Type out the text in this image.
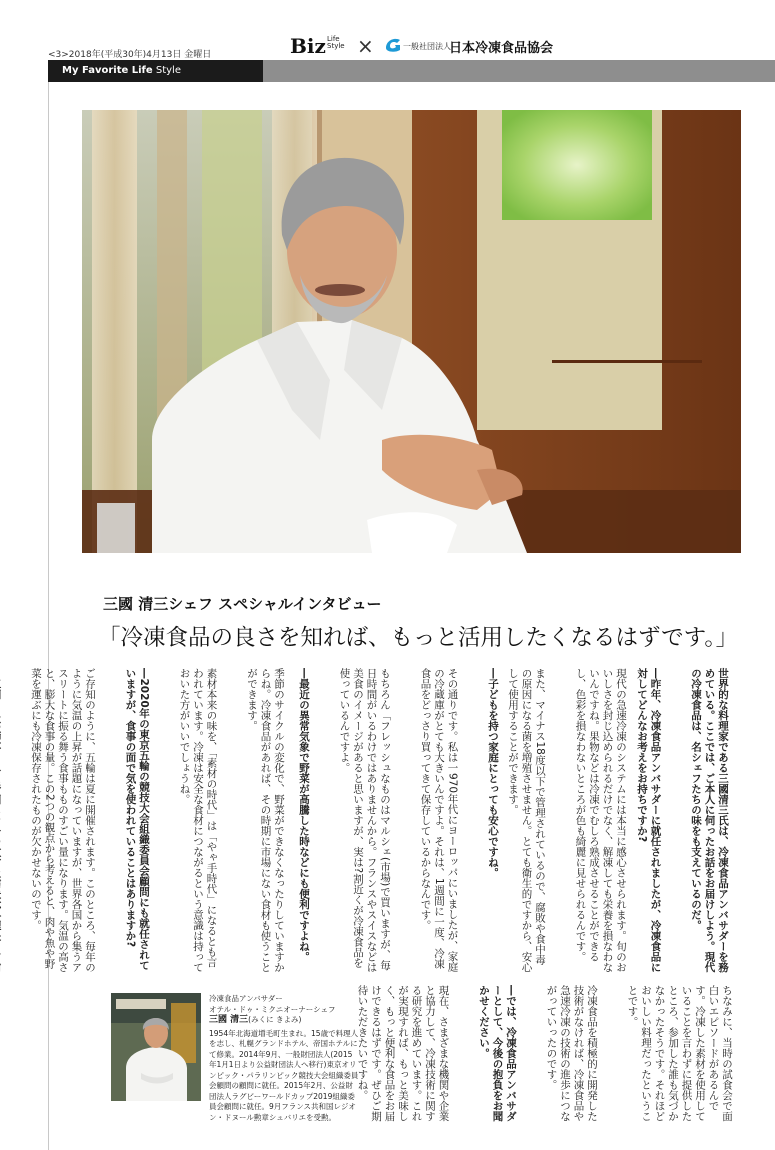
<3>2018年(平成30年)4月13日 金曜日	Biz Life
Style ×	一般社団法人
日本冷凍食品協会
My Favorite Life Style
三國 清三シェフ スペシャルインタビュー
「冷凍食品の良さを知れば、もっと活用したくなるはずです。」

世界的な料理家である三國清三氏は、冷凍食品アンバサダーを務めている。ここでは、ご本人に伺ったお話をお届けしよう。現代の冷凍食品は、名シェフたちの味をも支えているのだ。

―昨年、冷凍食品アンバサダーに就任されましたが、冷凍食品に対してどんなお考えをお持ちですか?

現代の急速冷凍のシステムには本当に感心させられます。旬のおいしさを封じ込められるだけでなく、解凍しても栄養を損なわないんですね。果物などは冷凍でむしろ熟成させることができるし、色彩を損なわないところが色も綺麗に見せられるんです。

また、マイナス18度以下で管理されているので、腐敗や食中毒の原因になる菌を増殖させません。とても衛生的ですから、安心して使用することができます。

―子どもを持つ家庭にとっても安心ですね。

その通りです。私は一970年代にヨーロッパにいましたが、家庭の冷蔵庫がとても大きいんですよ。それは、1週間に一度、冷凍食品をどっさり買ってきて保存しているからなんです。

もちろん「フレッシュなものはマルシェ(市場)で買いますが、毎日時間がいるわけではありませんから。フランスやスイスなどは美食のイメージがあると思いますが、実は?割近くが冷凍食品を使っているんですよ。

―最近の異常気象で野菜が高騰した時などにも便利ですよね。

季節のサイクルの変化で、野菜ができなくなったりしていますからね。冷凍食品があれば、その時期に市場にない食材も使うことができます。

素材本来の味を、「素材の時代」は「やゃ手時代」になるとも言われています。冷凍は安全な食材につながるという意識は持っておいた方がいいでしょうね。

―2020年の東京五輪の競技大会組織委員会顧問にも就任されていますが、食事の面で気を使われていることはありますか?

ご存知のように、五輪は夏に開催されます。このところ、毎年のように気温の上昇が話題になっていますが、世界各国から集うアスリートに振る舞う食事もものすごい量になります。気温の高さと、膨大な食事の量。この2つの観点から考えると、肉や魚や野菜を運ぶにも冷凍保存されたものが欠かせないのです。

ちなみに、当時の試食会で面白いエピソードがあるんです。冷凍した素材を使用していることを言わずに提供したところ、参加した誰も気づかなかったそうです。それほどおいしい料理だったということです。

冷凍食品を積極的に開発した技術がなければ、冷凍食品や急速冷凍の技術の進歩につながっていったのです。

―では、冷凍食品アンバサダーとして、今後の抱負をお聞かせください。

現在、さまざまな機関や企業と協力して、冷凍技術に関する研究を進めています。これが実現すれば、もっと美味しく、もっと便利な食品をお届けできるはずです。ぜひご期待いただきたいですね。

冷凍食品アンバサダー
オテル・ドゥ・ミクニオーナーシェフ
三國 清三(みくに きよみ)
1954年北海道増毛町生まれ。15歳で料理人を志し、札幌グランドホテル、帝国ホテルにて修業。2014年9月、一般財団法人(2015年1月1日より公益財団法人へ移行)東京オリンピック・パラリンピック競技大会組織委員会顧問の顧問に就任。2015年2月、公益財団法人ラグビーワールドカップ2019組織委員会顧問に就任。9月フランス共和国レジオン・ドヌール勲章シュバリエを受勲。
